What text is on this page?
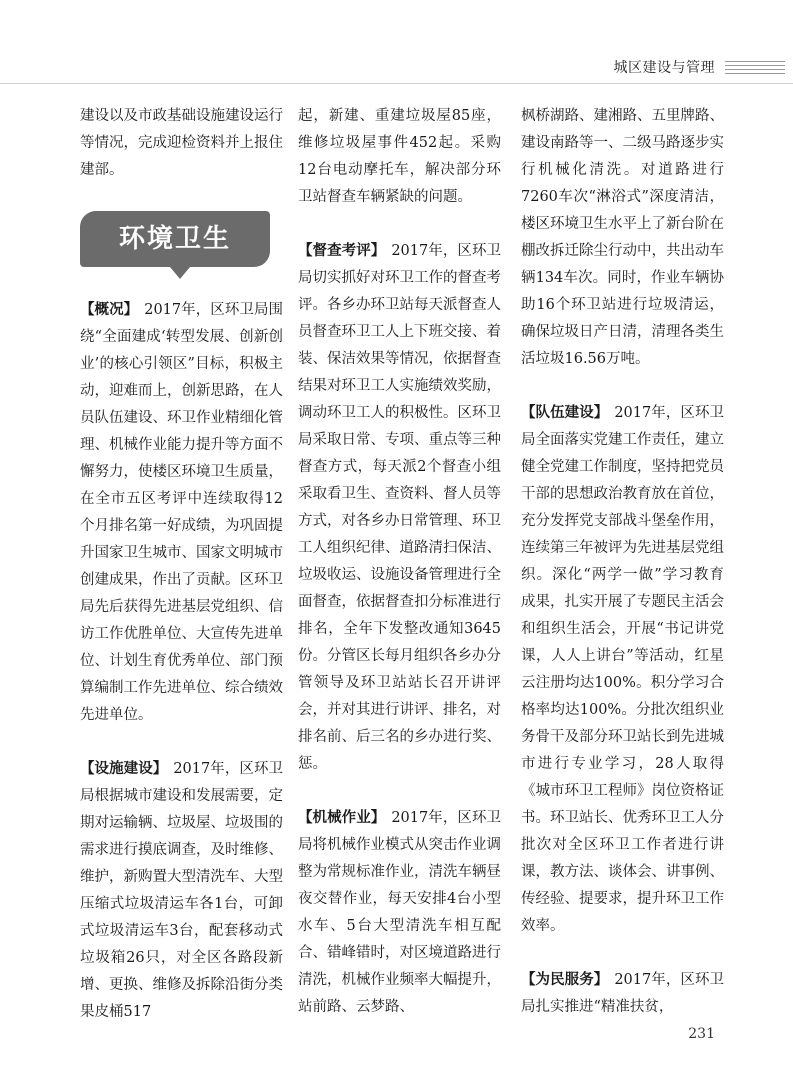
城区建设与管理

建设以及市政基础设施建设运行等情况，完成迎检资料并上报住建部。

环境卫生

【概况】 2017年，区环卫局围绕“全面建成‘转型发展、创新创业’的核心引领区”目标，积极主动，迎难而上，创新思路，在人员队伍建设、环卫作业精细化管理、机械作业能力提升等方面不懈努力，使楼区环境卫生质量，在全市五区考评中连续取得12个月排名第一好成绩，为巩固提升国家卫生城市、国家文明城市创建成果，作出了贡献。区环卫局先后获得先进基层党组织、信访工作优胜单位、大宣传先进单位、计划生育优秀单位、部门预算编制工作先进单位、综合绩效先进单位。

【设施建设】 2017年，区环卫局根据城市建设和发展需要，定期对运输辆、垃圾屋、垃圾围的需求进行摸底调查，及时维修、维护，新购置大型清洗车、大型压缩式垃圾清运车各1台，可卸式垃圾清运车3台，配套移动式垃圾箱26只，对全区各路段新增、更换、维修及拆除沿街分类果皮桶517

起，新建、重建垃圾屋85座，维修垃圾屋事件452起。采购12台电动摩托车，解决部分环卫站督查车辆紧缺的问题。

【督查考评】 2017年，区环卫局切实抓好对环卫工作的督查考评。各乡办环卫站每天派督查人员督查环卫工人上下班交接、着装、保洁效果等情况，依据督查结果对环卫工人实施绩效奖励，调动环卫工人的积极性。区环卫局采取日常、专项、重点等三种督查方式，每天派2个督查小组采取看卫生、查资料、督人员等方式，对各乡办日常管理、环卫工人组织纪律、道路清扫保洁、垃圾收运、设施设备管理进行全面督查，依据督查扣分标准进行排名，全年下发整改通知3645份。分管区长每月组织各乡办分管领导及环卫站站长召开讲评会，并对其进行讲评、排名，对排名前、后三名的乡办进行奖、惩。

【机械作业】 2017年，区环卫局将机械作业模式从突击作业调整为常规标准作业，清洗车辆昼夜交替作业，每天安排4台小型水车、5台大型清洗车相互配合、错峰错时，对区境道路进行清洗，机械作业频率大幅提升，站前路、云梦路、

枫桥湖路、建湘路、五里牌路、建设南路等一、二级马路逐步实行机械化清洗。对道路进行7260车次“淋浴式”深度清洁，楼区环境卫生水平上了新台阶在棚改拆迁除尘行动中，共出动车辆134车次。同时，作业车辆协助16个环卫站进行垃圾清运，确保垃圾日产日清，清理各类生活垃圾16.56万吨。

【队伍建设】 2017年，区环卫局全面落实党建工作责任，建立健全党建工作制度，坚持把党员干部的思想政治教育放在首位，充分发挥党支部战斗堡垒作用，连续第三年被评为先进基层党组织。深化“两学一做”学习教育成果，扎实开展了专题民主活会和组织生活会，开展“书记讲党课，人人上讲台”等活动，红星云注册均达100%。积分学习合格率均达100%。分批次组织业务骨干及部分环卫站长到先进城市进行专业学习，28人取得《城市环卫工程师》岗位资格证书。环卫站长、优秀环卫工人分批次对全区环卫工作者进行讲课，教方法、谈体会、讲事例、传经验、提要求，提升环卫工作效率。

【为民服务】 2017年，区环卫局扎实推进“精准扶贫，

231
